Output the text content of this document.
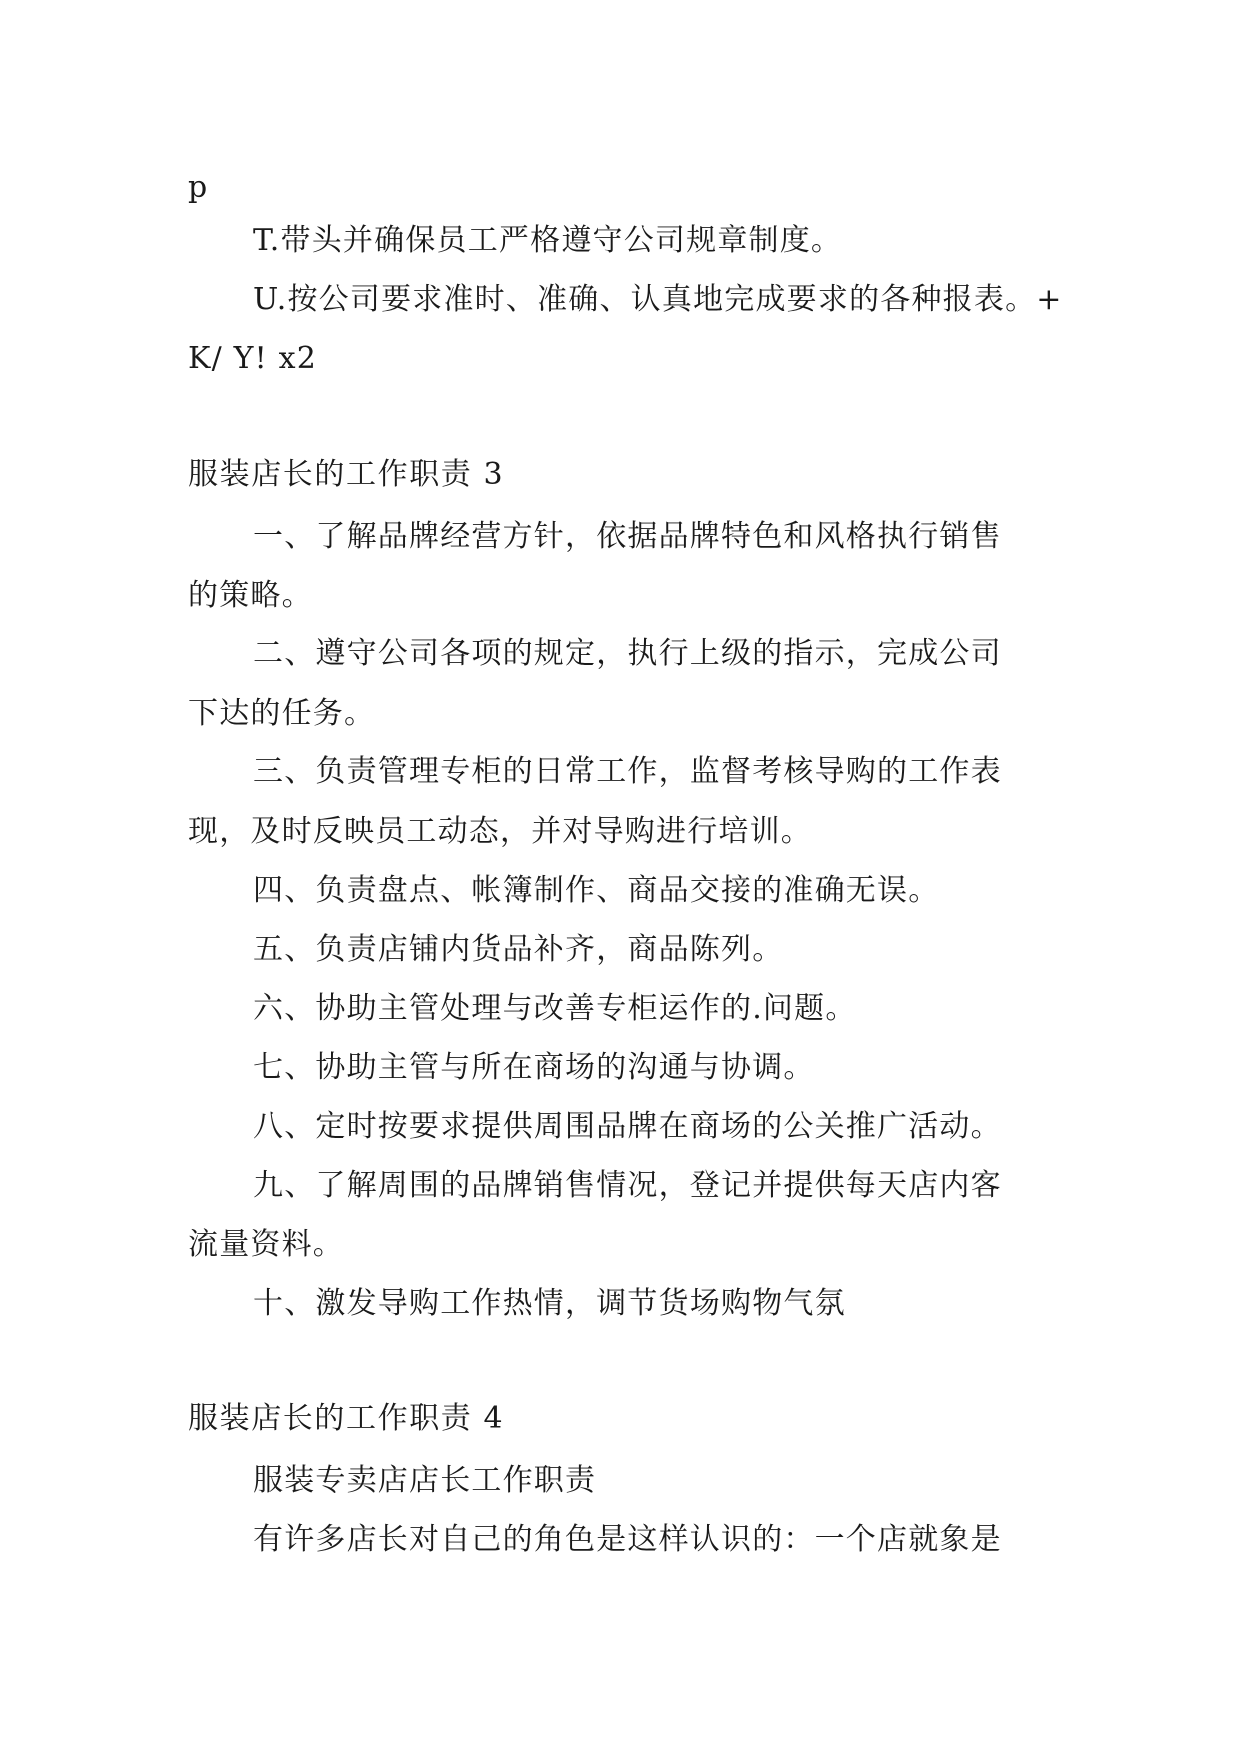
p

T.带头并确保员工严格遵守公司规章制度。

U.按公司要求准时、准确、认真地完成要求的各种报表。+

K/ Y! x2

服装店长的工作职责 3

一、了解品牌经营方针，依据品牌特色和风格执行销售

的策略。

二、遵守公司各项的规定，执行上级的指示，完成公司

下达的任务。

三、负责管理专柜的日常工作，监督考核导购的工作表

现，及时反映员工动态，并对导购进行培训。

四、负责盘点、帐簿制作、商品交接的准确无误。

五、负责店铺内货品补齐，商品陈列。

六、协助主管处理与改善专柜运作的.问题。

七、协助主管与所在商场的沟通与协调。

八、定时按要求提供周围品牌在商场的公关推广活动。

九、了解周围的品牌销售情况，登记并提供每天店内客

流量资料。

十、激发导购工作热情，调节货场购物气氛

服装店长的工作职责 4

服装专卖店店长工作职责

有许多店长对自己的角色是这样认识的：一个店就象是
